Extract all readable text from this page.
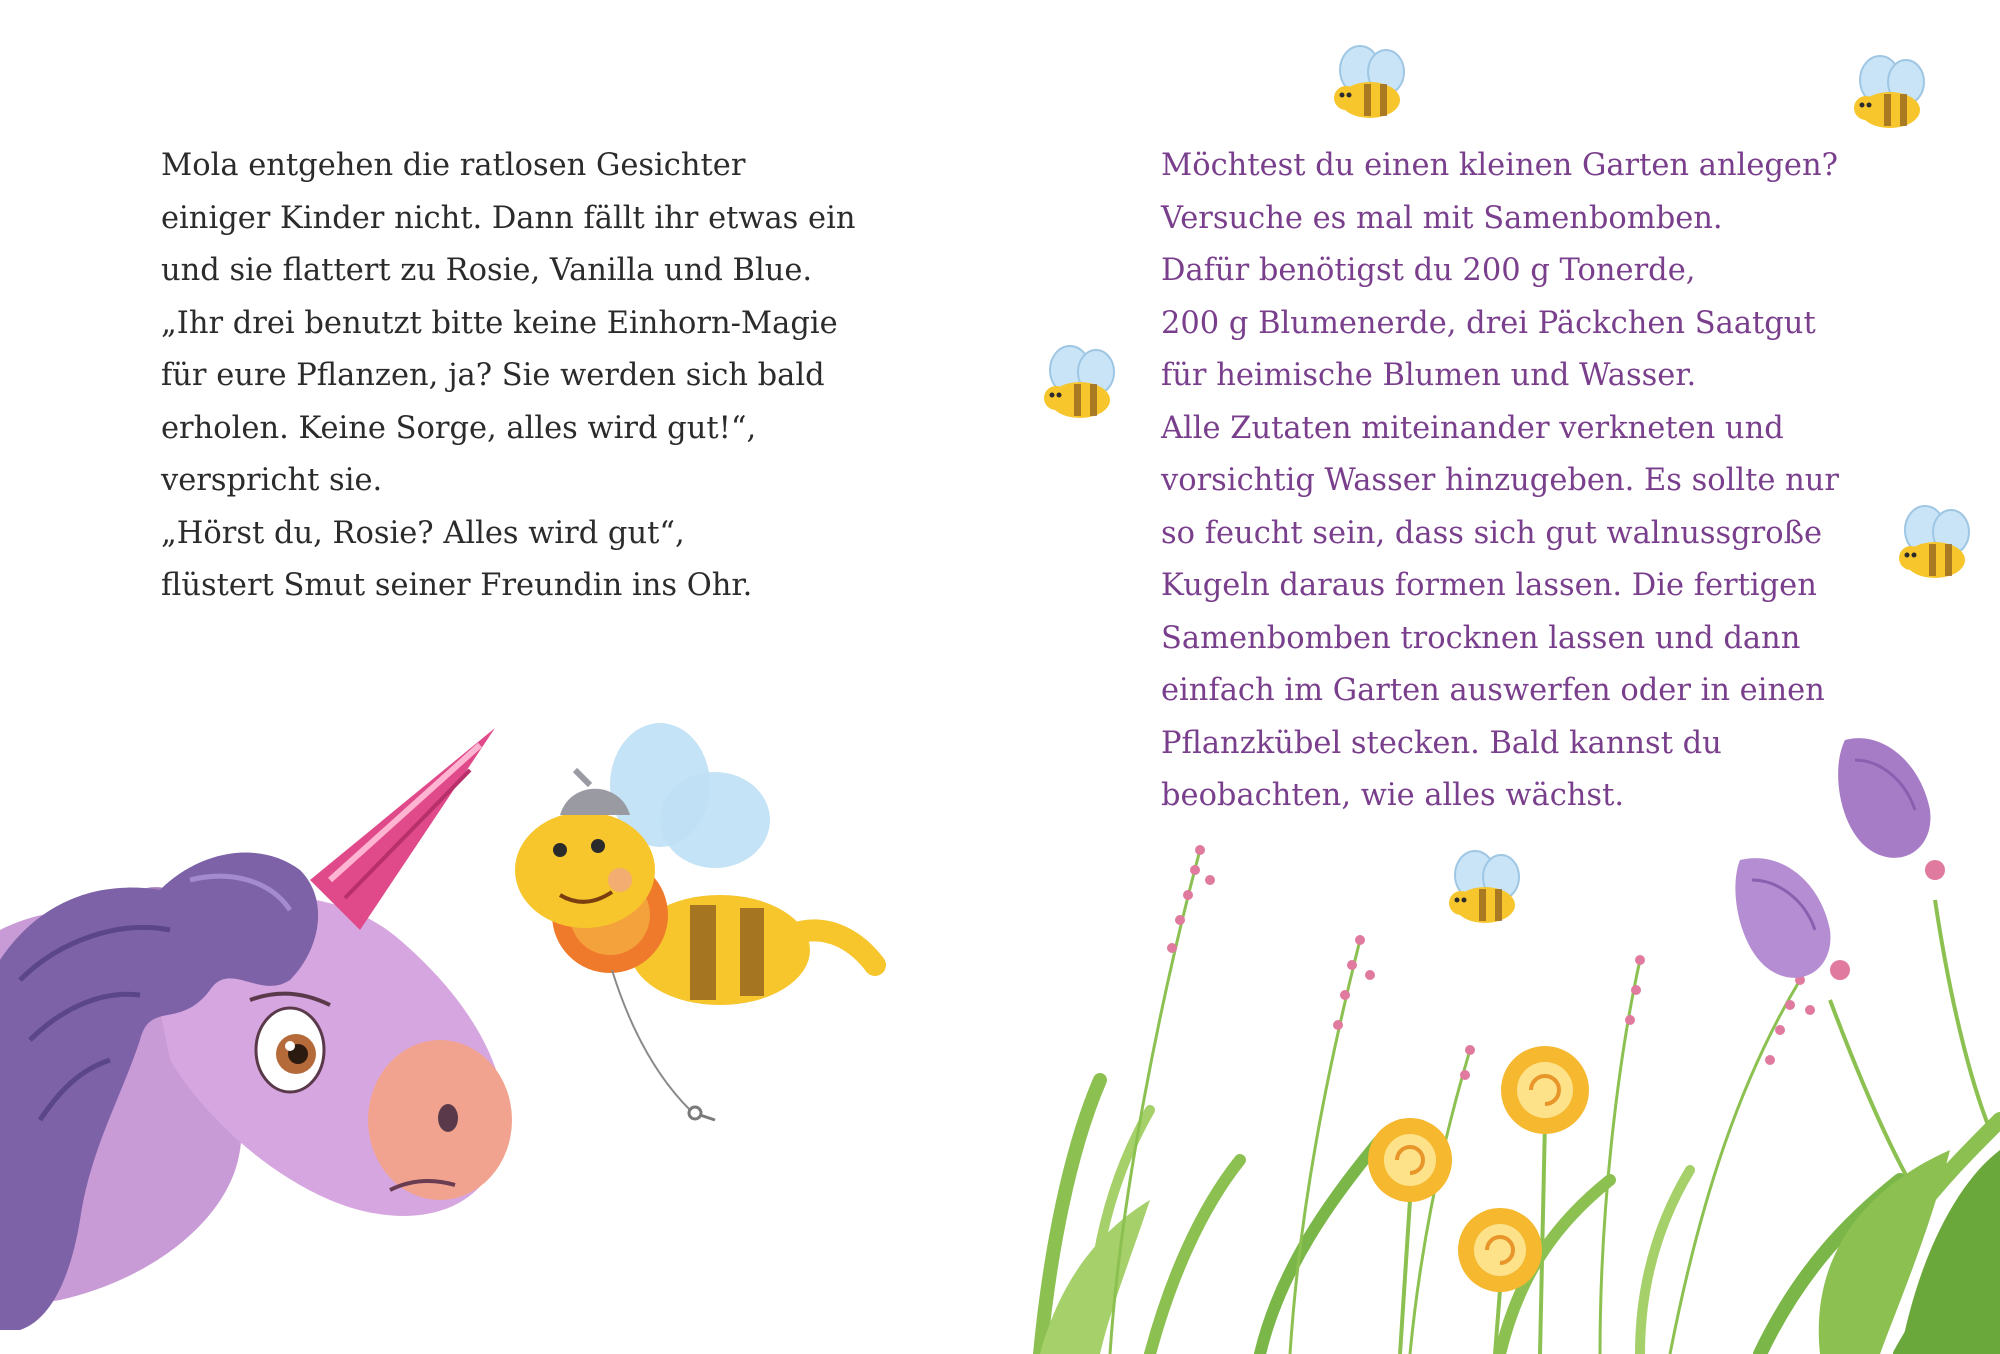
Mola entgehen die ratlosen Gesichter
einiger Kinder nicht. Dann fällt ihr etwas ein
und sie flattert zu Rosie, Vanilla und Blue.
„Ihr drei benutzt bitte keine Einhorn-Magie
für eure Pflanzen, ja? Sie werden sich bald
erholen. Keine Sorge, alles wird gut!“,
verspricht sie.
„Hörst du, Rosie? Alles wird gut“,
flüstert Smut seiner Freundin ins Ohr.
Möchtest du einen kleinen Garten anlegen?
Versuche es mal mit Samenbomben.
Dafür benötigst du 200 g Tonerde,
200 g Blumenerde, drei Päckchen Saatgut
für heimische Blumen und Wasser.
Alle Zutaten miteinander verkneten und
vorsichtig Wasser hinzugeben. Es sollte nur
so feucht sein, dass sich gut walnussgroße
Kugeln daraus formen lassen. Die fertigen
Samenbomben trocknen lassen und dann
einfach im Garten auswerfen oder in einen
Pflanzkübel stecken. Bald kannst du
beobachten, wie alles wächst.
